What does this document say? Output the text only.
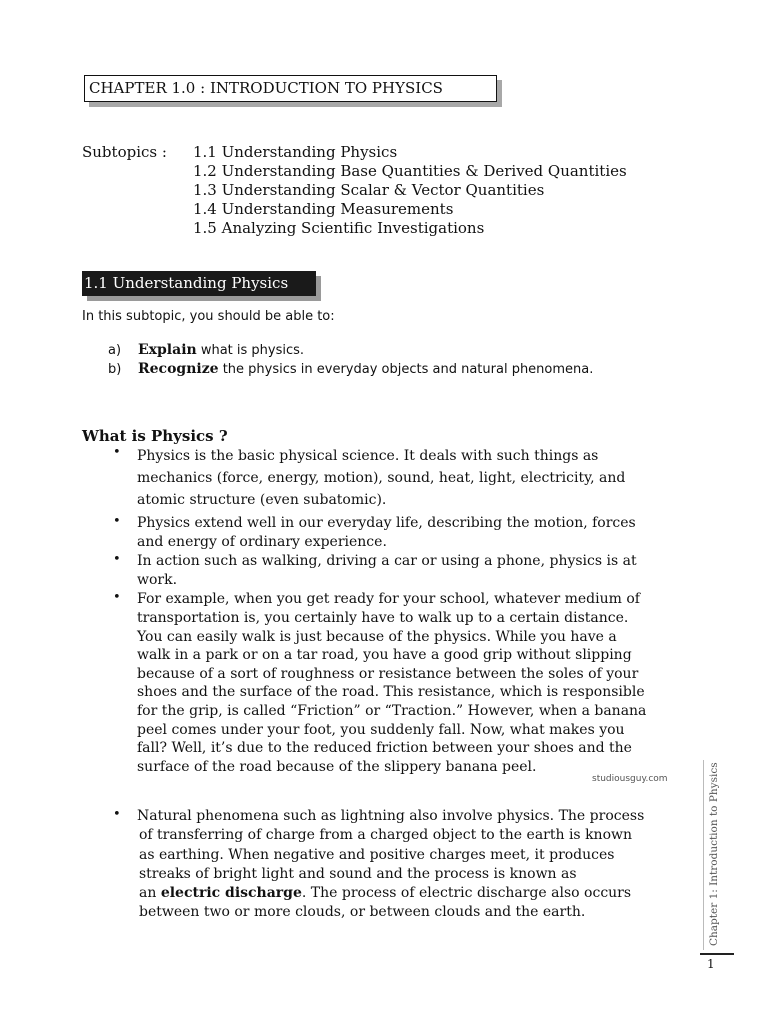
CHAPTER 1.0 : INTRODUCTION TO PHYSICS
Subtopics : 1.1 Understanding Physics
1.2 Understanding Base Quantities & Derived Quantities
1.3 Understanding Scalar & Vector Quantities
1.4 Understanding Measurements
1.5 Analyzing Scientific Investigations
1.1 Understanding Physics
In this subtopic, you should be able to:
a) Explain what is physics.
b) Recognize the physics in everyday objects and natural phenomena.
What is Physics ?
• Physics is the basic physical science. It deals with such things as
mechanics (force, energy, motion), sound, heat, light, electricity, and
atomic structure (even subatomic).
• Physics extend well in our everyday life, describing the motion, forces
and energy of ordinary experience.
• In action such as walking, driving a car or using a phone, physics is at
work.
• For example, when you get ready for your school, whatever medium of
transportation is, you certainly have to walk up to a certain distance.
You can easily walk is just because of the physics. While you have a
walk in a park or on a tar road, you have a good grip without slipping
because of a sort of roughness or resistance between the soles of your
shoes and the surface of the road. This resistance, which is responsible
for the grip, is called “Friction” or “Traction.” However, when a banana
peel comes under your foot, you suddenly fall. Now, what makes you
fall? Well, it’s due to the reduced friction between your shoes and the
surface of the road because of the slippery banana peel.
studiousguy.com
•	Natural phenomena such as lightning also involve physics. The process
of transferring of charge from a charged object to the earth is known
as earthing. When negative and positive charges meet, it produces
streaks of bright light and sound and the process is known as
an electric discharge. The process of electric discharge also occurs
between two or more clouds, or between clouds and the earth.	Chapter 1: Introduction to Physics
1
